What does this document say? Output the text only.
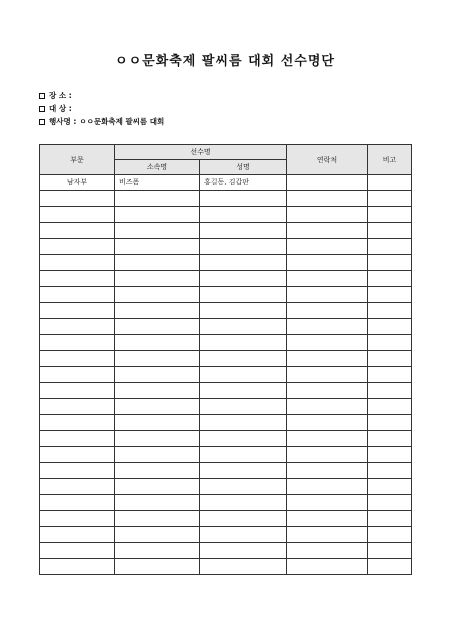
ㅇㅇ문화축제 팔씨름 대회 선수명단
장 소 :
대 상 :
행사명 : ㅇㅇ문화축제 팔씨름 대회
부문	선수명		연락처	비고
	소속명	성명		
남자부	비즈폼	홍길동, 김갑판		
